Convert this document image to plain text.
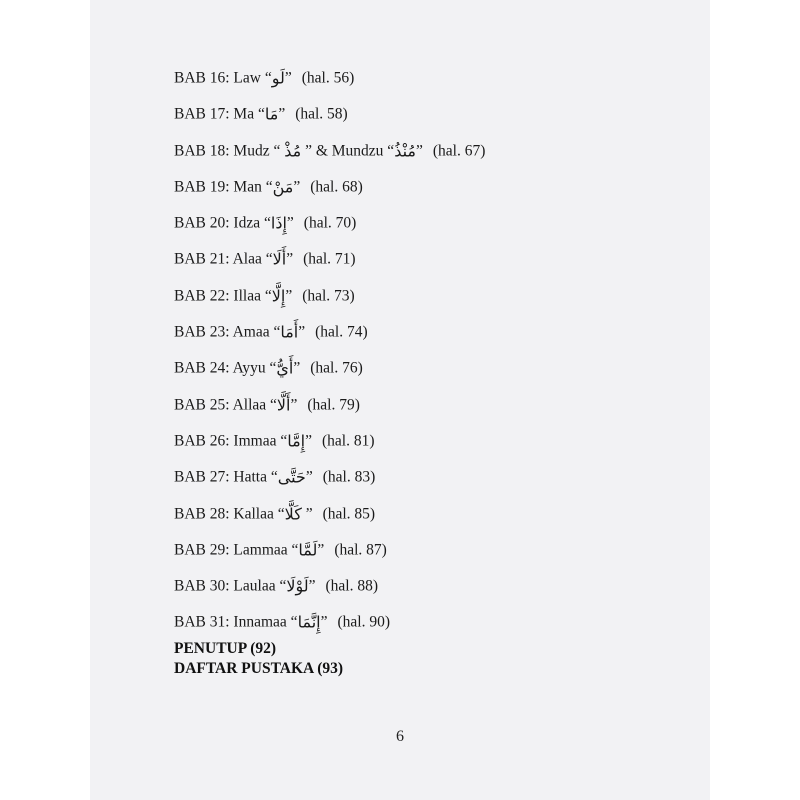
BAB 16: Law “لَو” (hal. 56)
BAB 17: Ma “مَا” (hal. 58)
BAB 18: Mudz “ مُذْ ” & Mundzu “مُنْذُ” (hal. 67)
BAB 19: Man “مَنْ” (hal. 68)
BAB 20: Idza “إِذَا” (hal. 70)
BAB 21: Alaa “أَلَا” (hal. 71)
BAB 22: Illaa “إِلَّا” (hal. 73)
BAB 23: Amaa “أَمَا” (hal. 74)
BAB 24: Ayyu “أَيُّ” (hal. 76)
BAB 25: Allaa “أَلَّا” (hal. 79)
BAB 26: Immaa “إِمَّا” (hal. 81)
BAB 27: Hatta “حَتَّى” (hal. 83)
BAB 28: Kallaa “كَلَّا ” (hal. 85)
BAB 29: Lammaa “لَمَّا” (hal. 87)
BAB 30: Laulaa “لَوْلَا” (hal. 88)
BAB 31: Innamaa “إِنَّمَا” (hal. 90)
PENUTUP (92)
DAFTAR PUSTAKA (93)
6
